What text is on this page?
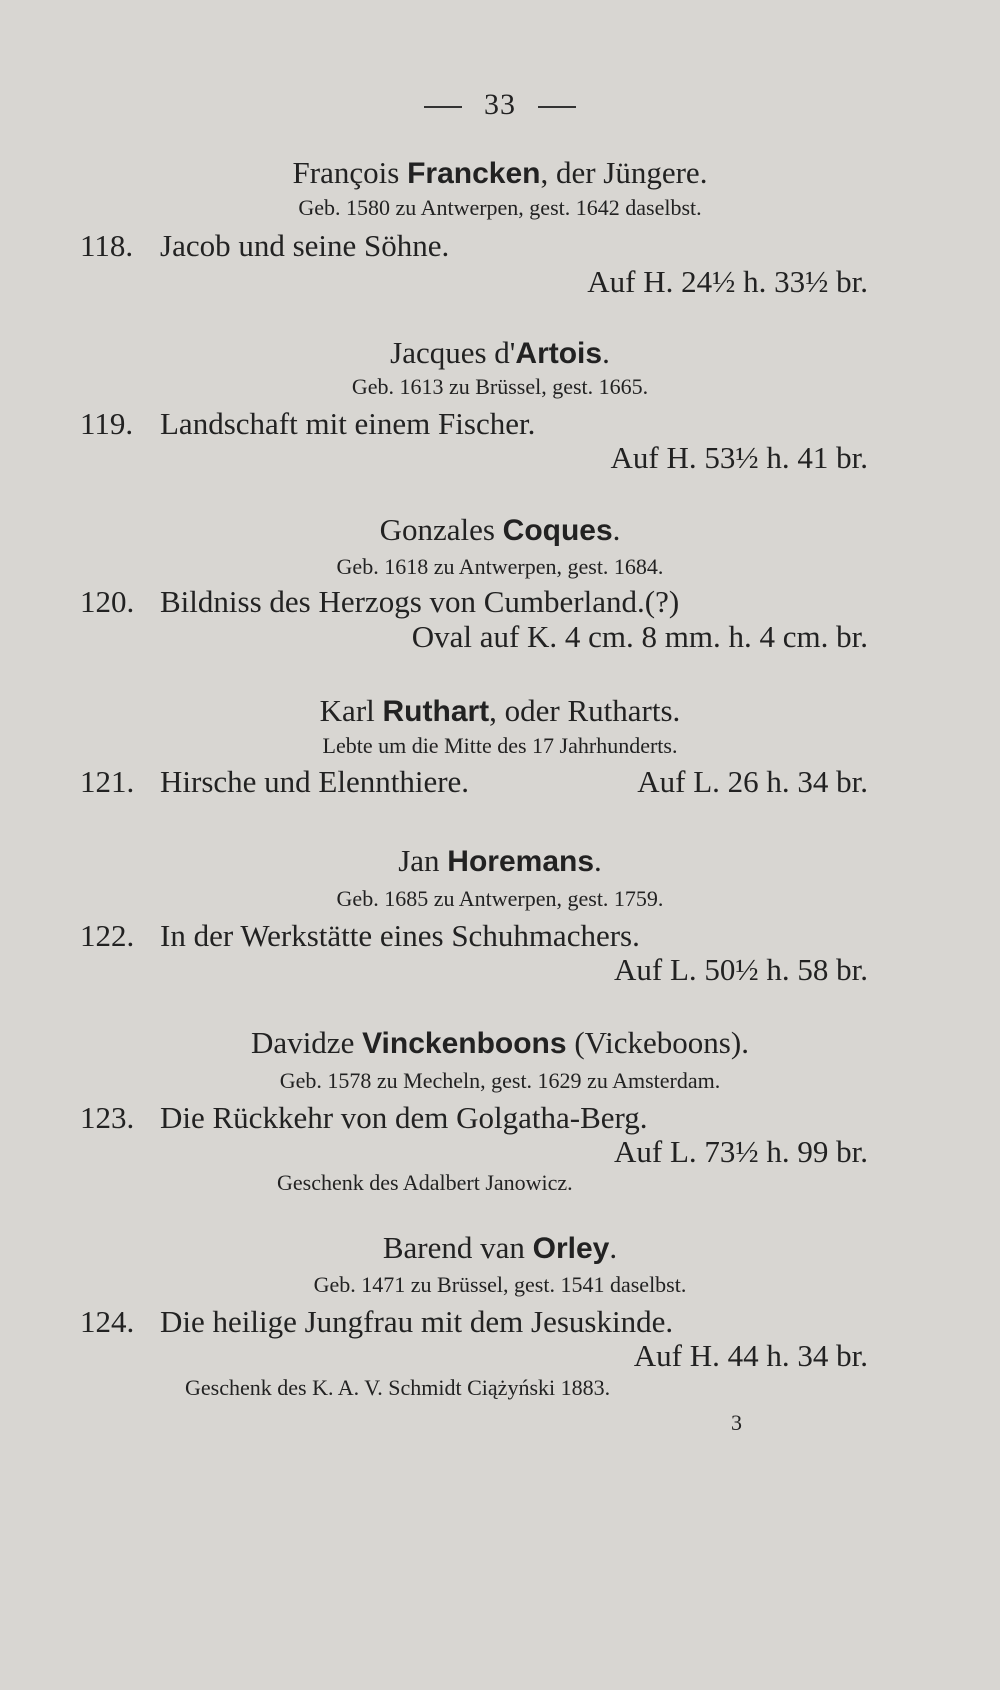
33
François Francken, der Jüngere.
Geb. 1580 zu Antwerpen, gest. 1642 daselbst.
118. Jacob und seine Söhne.
Auf H. 24½ h. 33½ br.
Jacques d'Artois.
Geb. 1613 zu Brüssel, gest. 1665.
119. Landschaft mit einem Fischer.
Auf H. 53½ h. 41 br.
Gonzales Coques.
Geb. 1618 zu Antwerpen, gest. 1684.
120. Bildniss des Herzogs von Cumberland.(?)
Oval auf K. 4 cm. 8 mm. h. 4 cm. br.
Karl Ruthart, oder Rutharts.
Lebte um die Mitte des 17 Jahrhunderts.
121. Hirsche und Elennthiere.	Auf L. 26 h. 34 br.
Jan Horemans.
Geb. 1685 zu Antwerpen, gest. 1759.
122. In der Werkstätte eines Schuhmachers.
Auf L. 50½ h. 58 br.
Davidze Vinckenboons (Vickeboons).
Geb. 1578 zu Mecheln, gest. 1629 zu Amsterdam.
123. Die Rückkehr von dem Golgatha-Berg.
Auf L. 73½ h. 99 br.
Geschenk des Adalbert Janowicz.
Barend van Orley.
Geb. 1471 zu Brüssel, gest. 1541 daselbst.
124. Die heilige Jungfrau mit dem Jesuskinde.
Auf H. 44 h. 34 br.
Geschenk des K. A. V. Schmidt Ciążyński 1883.
3
